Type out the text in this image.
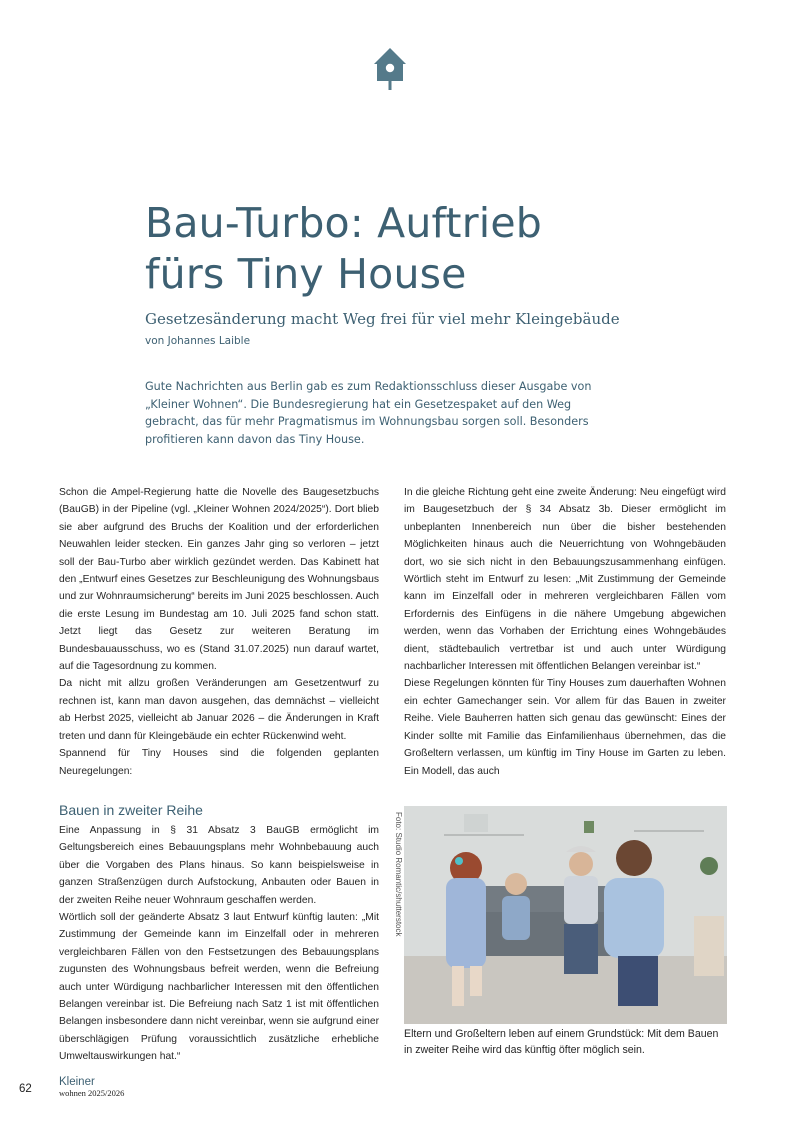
Bau-Turbo: Auftrieb
fürs Tiny House

Gesetzesänderung macht Weg frei für viel mehr Kleingebäude

von Johannes Laible

Gute Nachrichten aus Berlin gab es zum Redaktionsschluss dieser Ausgabe von „Kleiner Wohnen“. Die Bundesregierung hat ein Gesetzespaket auf den Weg gebracht, das für mehr Pragmatismus im Wohnungsbau sorgen soll. Besonders profitieren kann davon das Tiny House.

Schon die Ampel-Regierung hatte die Novelle des Baugesetzbuchs (BauGB) in der Pipeline (vgl. „Kleiner Wohnen 2024/2025“). Dort blieb sie aber aufgrund des Bruchs der Koalition und der erforderlichen Neuwahlen leider stecken. Ein ganzes Jahr ging so verloren – jetzt soll der Bau-Turbo aber wirklich gezündet werden. Das Kabinett hat den „Entwurf eines Gesetzes zur Beschleunigung des Wohnungsbaus und zur Wohnraumsicherung“ bereits im Juni 2025 beschlossen. Auch die erste Lesung im Bundestag am 10. Juli 2025 fand schon statt. Jetzt liegt das Gesetz zur weiteren Beratung im Bundesbauausschuss, wo es (Stand 31.07.2025) nun darauf wartet, auf die Tagesordnung zu kommen.

Da nicht mit allzu großen Veränderungen am Gesetzentwurf zu rechnen ist, kann man davon ausgehen, das demnächst – vielleicht ab Herbst 2025, vielleicht ab Januar 2026 – die Änderungen in Kraft treten und dann für Kleingebäude ein echter Rückenwind weht.

Spannend für Tiny Houses sind die folgenden geplanten Neuregelungen:

In die gleiche Richtung geht eine zweite Änderung: Neu eingefügt wird im Baugesetzbuch der § 34 Absatz 3b. Dieser ermöglicht im unbeplanten Innenbereich nun über die bisher bestehenden Möglichkeiten hinaus auch die Neuerrichtung von Wohngebäuden dort, wo sie sich nicht in den Bebauungszusammenhang einfügen. Wörtlich steht im Entwurf zu lesen: „Mit Zustimmung der Gemeinde kann im Einzelfall oder in mehreren vergleichbaren Fällen vom Erfordernis des Einfügens in die nähere Umgebung abgewichen werden, wenn das Vorhaben der Errichtung eines Wohngebäudes dient, städtebaulich vertretbar ist und auch unter Würdigung nachbarlicher Interessen mit öffentlichen Belangen vereinbar ist.“

Diese Regelungen könnten für Tiny Houses zum dauerhaften Wohnen ein echter Gamechanger sein. Vor allem für das Bauen in zweiter Reihe. Viele Bauherren hatten sich genau das gewünscht: Eines der Kinder sollte mit Familie das Einfamilienhaus übernehmen, das die Großeltern verlassen, um künftig im Tiny House im Garten zu leben. Ein Modell, das auch

Bauen in zweiter Reihe

Eine Anpassung in § 31 Absatz 3 BauGB ermöglicht im Geltungsbereich eines Bebauungsplans mehr Wohnbebauung auch über die Vorgaben des Plans hinaus. So kann beispielsweise in ganzen Straßenzügen durch Aufstockung, Anbauten oder Bauen in der zweiten Reihe neuer Wohnraum geschaffen werden.

Wörtlich soll der geänderte Absatz 3 laut Entwurf künftig lauten: „Mit Zustimmung der Gemeinde kann im Einzelfall oder in mehreren vergleichbaren Fällen von den Festsetzungen des Bebauungsplans zugunsten des Wohnungsbaus befreit werden, wenn die Befreiung auch unter Würdigung nachbarlicher Interessen mit den öffentlichen Belangen vereinbar ist. Die Befreiung nach Satz 1 ist mit öffentlichen Belangen insbesondere dann nicht vereinbar, wenn sie aufgrund einer überschlägigen Prüfung voraussichtlich zusätzliche erhebliche Umweltauswirkungen hat.“

Foto: Studio Romantic/shutterstock

Eltern und Großeltern leben auf einem Grundstück: Mit dem Bauen in zweiter Reihe wird das künftig öfter möglich sein.

62
Kleiner
wohnen 2025/2026
